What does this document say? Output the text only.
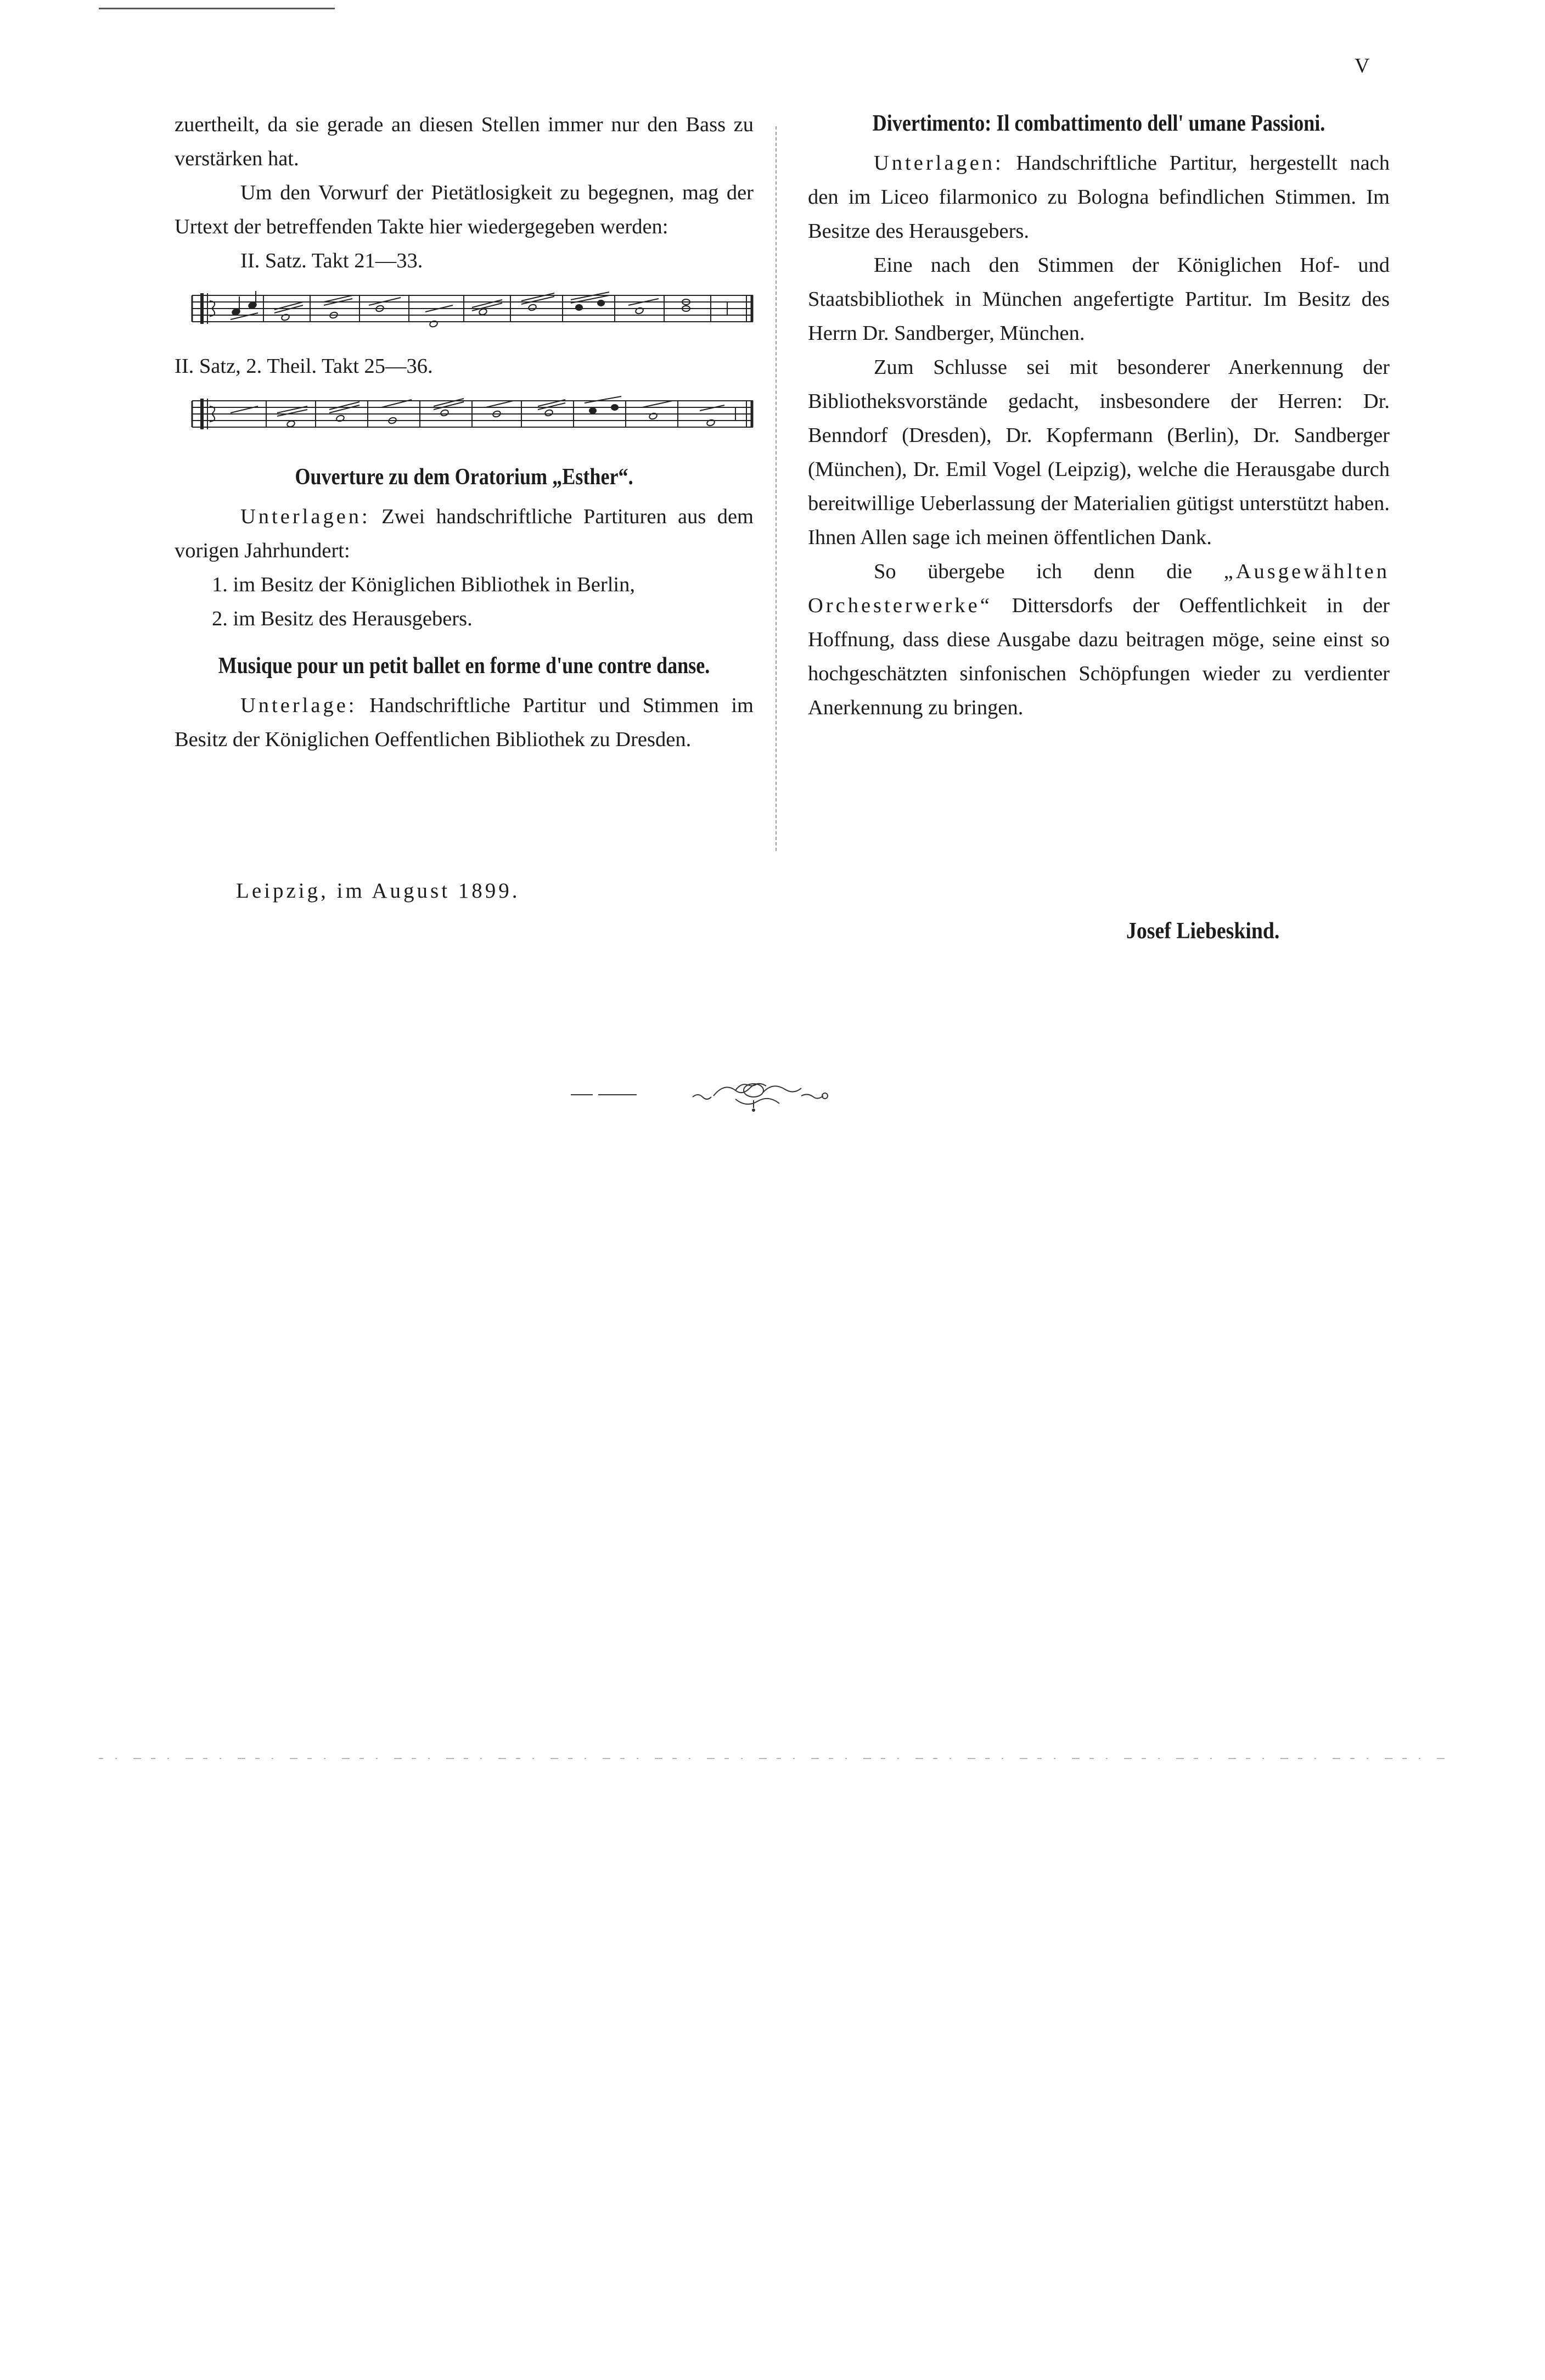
V

zuertheilt, da sie gerade an diesen Stellen immer nur den Bass zu verstärken hat.

Um den Vorwurf der Pietätlosigkeit zu begegnen, mag der Urtext der betreffenden Takte hier wiedergegeben werden:

II. Satz. Takt 21—33.
II. Satz, 2. Theil. Takt 25—36.
Ouverture zu dem Oratorium „Esther“.

Unterlagen: Zwei handschriftliche Partituren aus dem vorigen Jahrhundert:

1. im Besitz der Königlichen Bibliothek in Berlin,
2. im Besitz des Herausgebers.
Musique pour un petit ballet en forme d'une contre danse.

Unterlage: Handschriftliche Partitur und Stimmen im Besitz der Königlichen Oeffentlichen Bibliothek zu Dresden.

Divertimento: Il combattimento dell' umane Passioni.

Unterlagen: Handschriftliche Partitur, hergestellt nach den im Liceo filarmonico zu Bologna befindlichen Stimmen. Im Besitze des Herausgebers.

Eine nach den Stimmen der Königlichen Hof- und Staatsbibliothek in München angefertigte Partitur. Im Besitz des Herrn Dr. Sandberger, München.

Zum Schlusse sei mit besonderer Anerkennung der Bibliotheksvorstände gedacht, insbesondere der Herren: Dr. Benndorf (Dresden), Dr. Kopfermann (Berlin), Dr. Sandberger (München), Dr. Emil Vogel (Leipzig), welche die Herausgabe durch bereitwillige Ueberlassung der Materialien gütigst unterstützt haben. Ihnen Allen sage ich meinen öffentlichen Dank.

So übergebe ich denn die „Ausgewählten Orchesterwerke“ Dittersdorfs der Oeffentlichkeit in der Hoffnung, dass diese Ausgabe dazu beitragen möge, seine einst so hochgeschätzten sinfonischen Schöpfungen wieder zu verdienter Anerkennung zu bringen.

Leipzig, im August 1899.
Josef Liebeskind.
